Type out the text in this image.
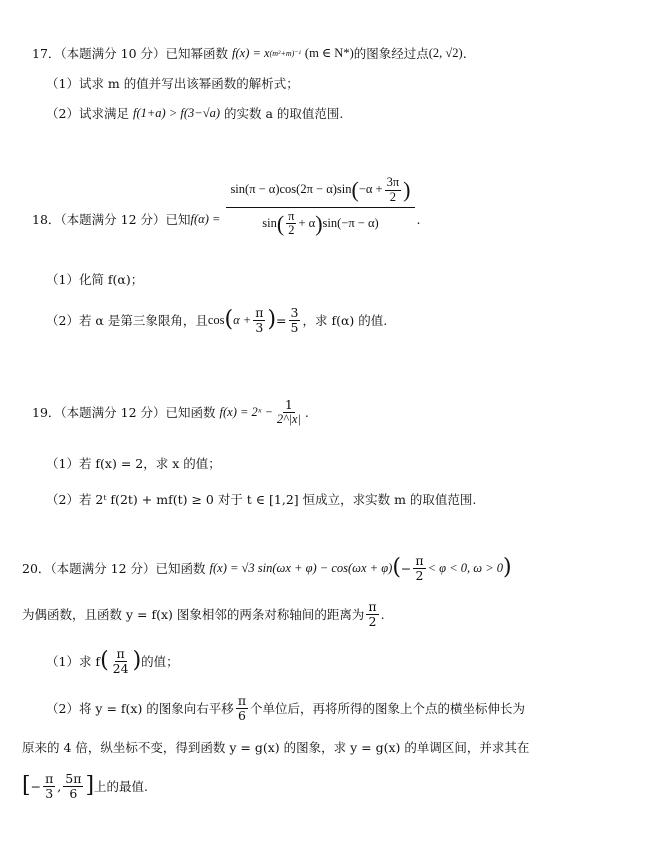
17．（本题满分 10 分）已知幂函数 f(x) = x (m²+m)⁻¹ (m ∈ N*) 的图象经过点 (2, √2) .
（1）试求 m 的值并写出该幂函数的解析式；
（2）试求满足 f(1+a) > f(3−√a) 的实数 a 的取值范围.
18．（本题满分 12 分）已知 f(α) =
sin(π − α)cos(2π − α)sin ( $-\alpha + \frac{3\pi}{2}$ )
sin ( $\frac{\pi}{2} + \alpha$ ) sin(−π − α)	.
（1）化简 f(α)；
（2）若 α 是第三象限角，且 cos ( $\alpha + \frac{\pi}{3}$ ) = $\frac{3}{5}$ ，求 f(α) 的值.
19．（本题满分 12 分）已知函数 f(x) = 2ˣ − $\frac{1}{2\^{}|x|}$ .
（1）若 f(x) = 2，求 x 的值；
（2）若 2ᵗ f(2t) + mf(t) ≥ 0 对于 t ∈ [1,2] 恒成立，求实数 m 的取值范围.
20．（本题满分 12 分）已知函数 f(x) = √3 sin(ωx + φ) − cos(ωx + φ) ( − $\frac{\pi}{2} < \varphi < 0$, ω > 0 )
为偶函数，且函数 y = f(x) 图象相邻的两条对称轴间的距离为 $\frac{\pi}{2}$ .
（1）求 f ( $\frac{\pi}{24}$ ) 的值；
（2）将 y = f(x) 的图象向右平移 $\frac{\pi}{6}$ 个单位后，再将所得的图象上个点的横坐标伸长为
原来的 4 倍，纵坐标不变，得到函数 y = g(x) 的图象，求 y = g(x) 的单调区间，并求其在
[ − $\frac{\pi}{3}$ , $\frac{5\pi}{6}$ ] 上的最值.
